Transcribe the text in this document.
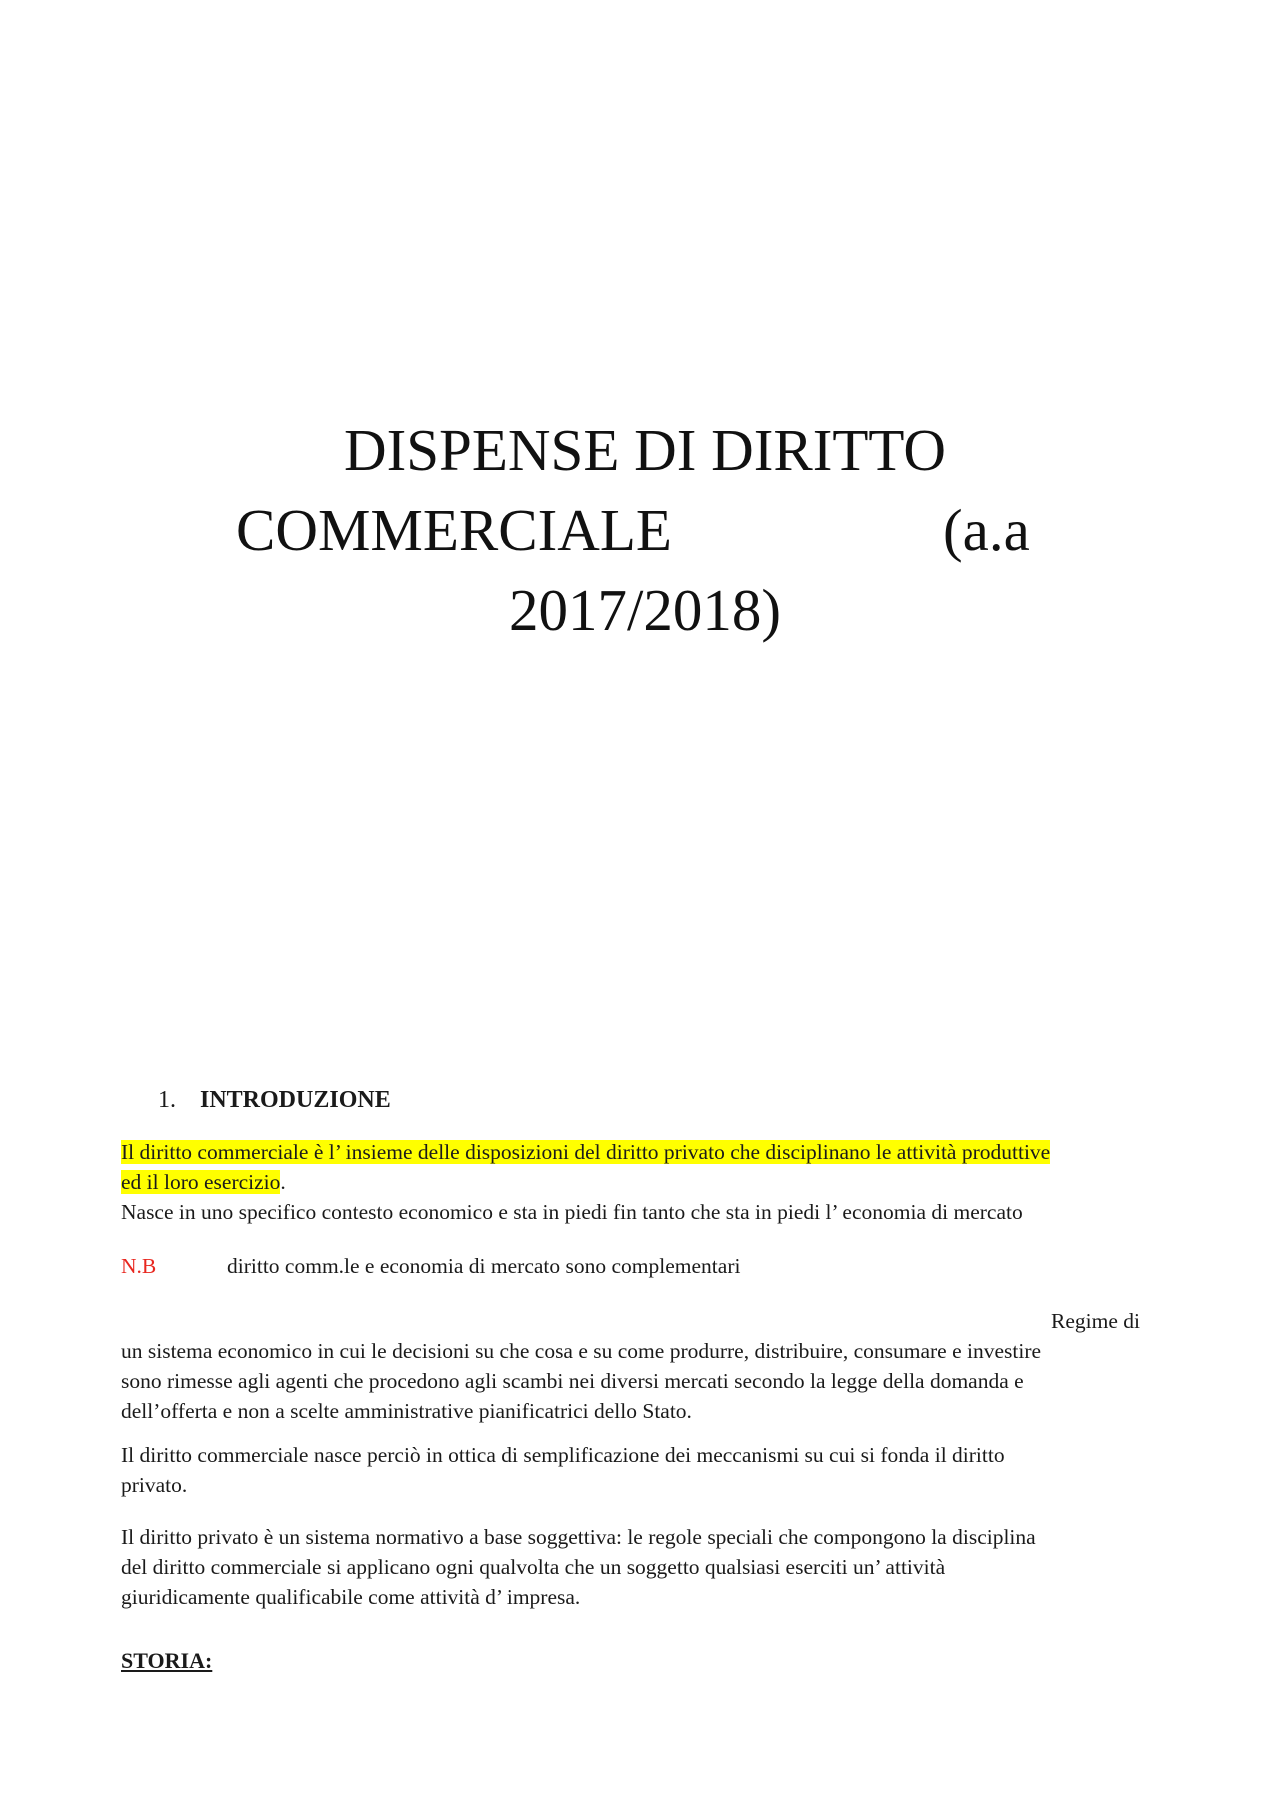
DISPENSE DI DIRITTO
COMMERCIALE	(a.a
2017/2018)
1. INTRODUZIONE
Il diritto commerciale è l’ insieme delle disposizioni del diritto privato che disciplinano le attività produttive
ed il loro esercizio.
Nasce in uno specifico contesto economico e sta in piedi fin tanto che sta in piedi l’ economia di mercato
N.B	diritto comm.le e economia di mercato sono complementari
Regime di
un sistema economico in cui le decisioni su che cosa e su come produrre, distribuire, consumare e investire
sono rimesse agli agenti che procedono agli scambi nei diversi mercati secondo la legge della domanda e
dell’offerta e non a scelte amministrative pianificatrici dello Stato.
Il diritto commerciale nasce perciò in ottica di semplificazione dei meccanismi su cui si fonda il diritto
privato.
Il diritto privato è un sistema normativo a base soggettiva: le regole speciali che compongono la disciplina
del diritto commerciale si applicano ogni qualvolta che un soggetto qualsiasi eserciti un’ attività
giuridicamente qualificabile come attività d’ impresa.
STORIA:
